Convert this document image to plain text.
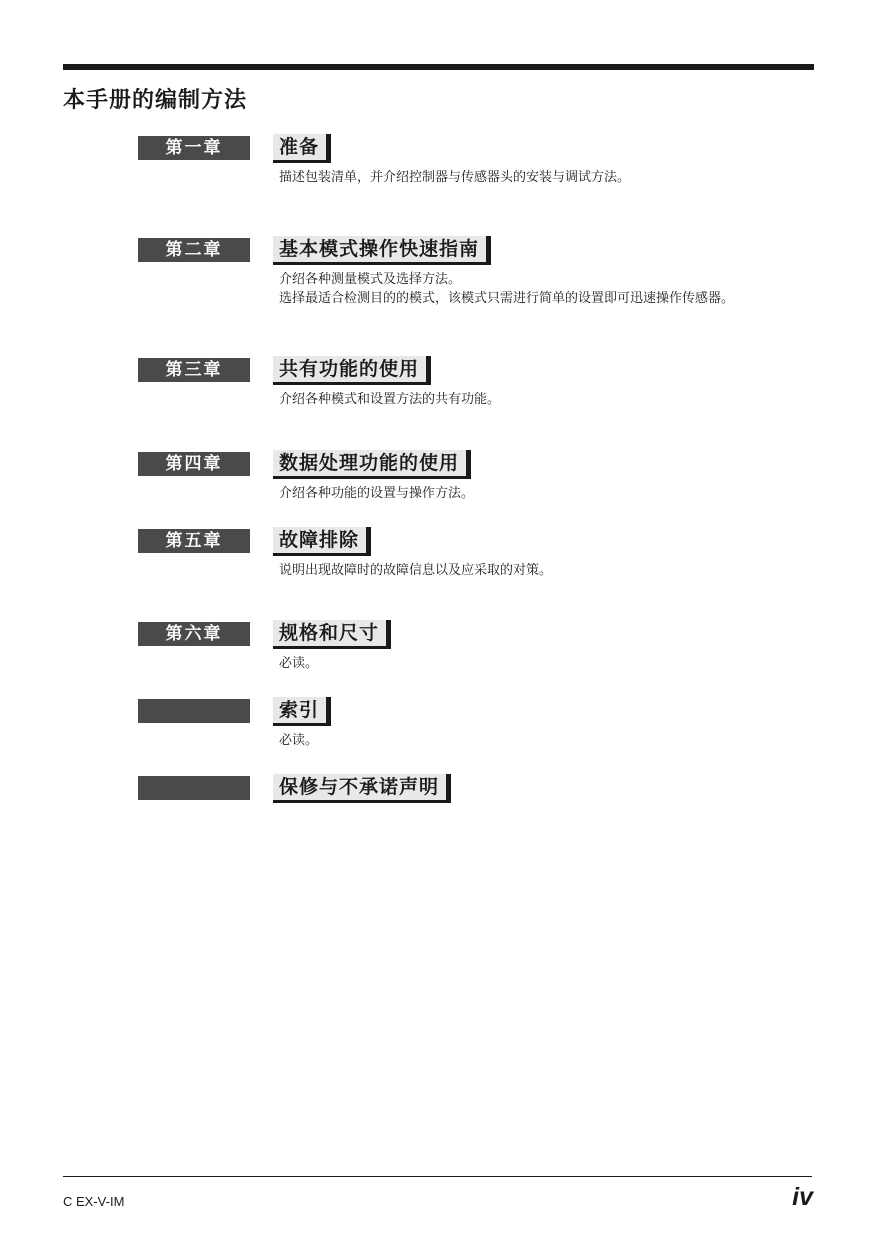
本手册的编制方法
第一章	准备
描述包装清单，并介绍控制器与传感器头的安装与调试方法。
第二章	基本模式操作快速指南
介绍各种测量模式及选择方法。
选择最适合检测目的的模式，该模式只需进行简单的设置即可迅速操作传感器。
第三章	共有功能的使用
介绍各种模式和设置方法的共有功能。
第四章	数据处理功能的使用
介绍各种功能的设置与操作方法。
第五章	故障排除
说明出现故障时的故障信息以及应采取的对策。
第六章	规格和尺寸
必读。
索引
必读。
保修与不承诺声明
C EX-V-IM	iv
